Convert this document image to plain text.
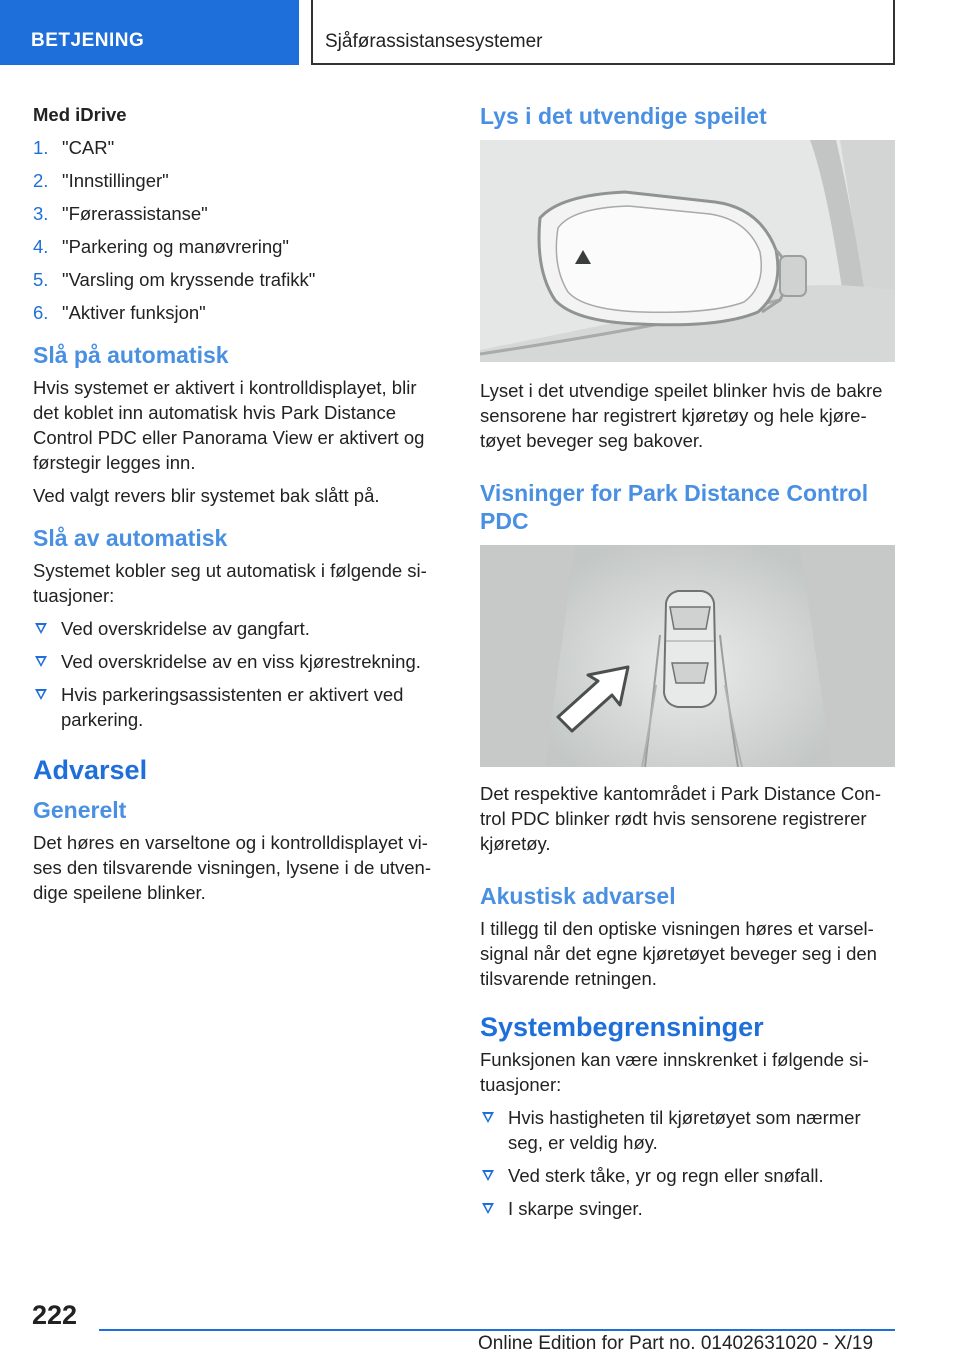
BETJENING	Sjåførassistansesystemer
Med iDrive
1. "CAR"
2. "Innstillinger"
3. "Førerassistanse"
4. "Parkering og manøvrering"
5. "Varsling om kryssende trafikk"
6. "Aktiver funksjon"
Slå på automatisk

Hvis systemet er aktivert i kontrolldisplayet, blir det koblet inn automatisk hvis Park Distance Control PDC eller Panorama View er aktivert og førstegir legges inn.

Ved valgt revers blir systemet bak slått på.

Slå av automatisk

Systemet kobler seg ut automatisk i følgende situasjoner:

Ved overskridelse av gangfart.
Ved overskridelse av en viss kjørestrekning.
Hvis parkeringsassistenten er aktivert ved parkering.
Advarsel
Generelt

Det høres en varseltone og i kontrolldisplayet vises den tilsvarende visningen, lysene i de utvendige speilene blinker.

Lys i det utvendige speilet

Lyset i det utvendige speilet blinker hvis de bakre sensorene har registrert kjøretøy og hele kjøretøyet beveger seg bakover.

Visninger for Park Distance Control PDC

Det respektive kantområdet i Park Distance Control PDC blinker rødt hvis sensorene registrerer kjøretøy.

Akustisk advarsel

I tillegg til den optiske visningen høres et varselsignal når det egne kjøretøyet beveger seg i den tilsvarende retningen.

Systembegrensninger

Funksjonen kan være innskrenket i følgende situasjoner:

Hvis hastigheten til kjøretøyet som nærmer seg, er veldig høy.
Ved sterk tåke, yr og regn eller snøfall.
I skarpe svinger.
222
Online Edition for Part no. 01402631020 - X/19
